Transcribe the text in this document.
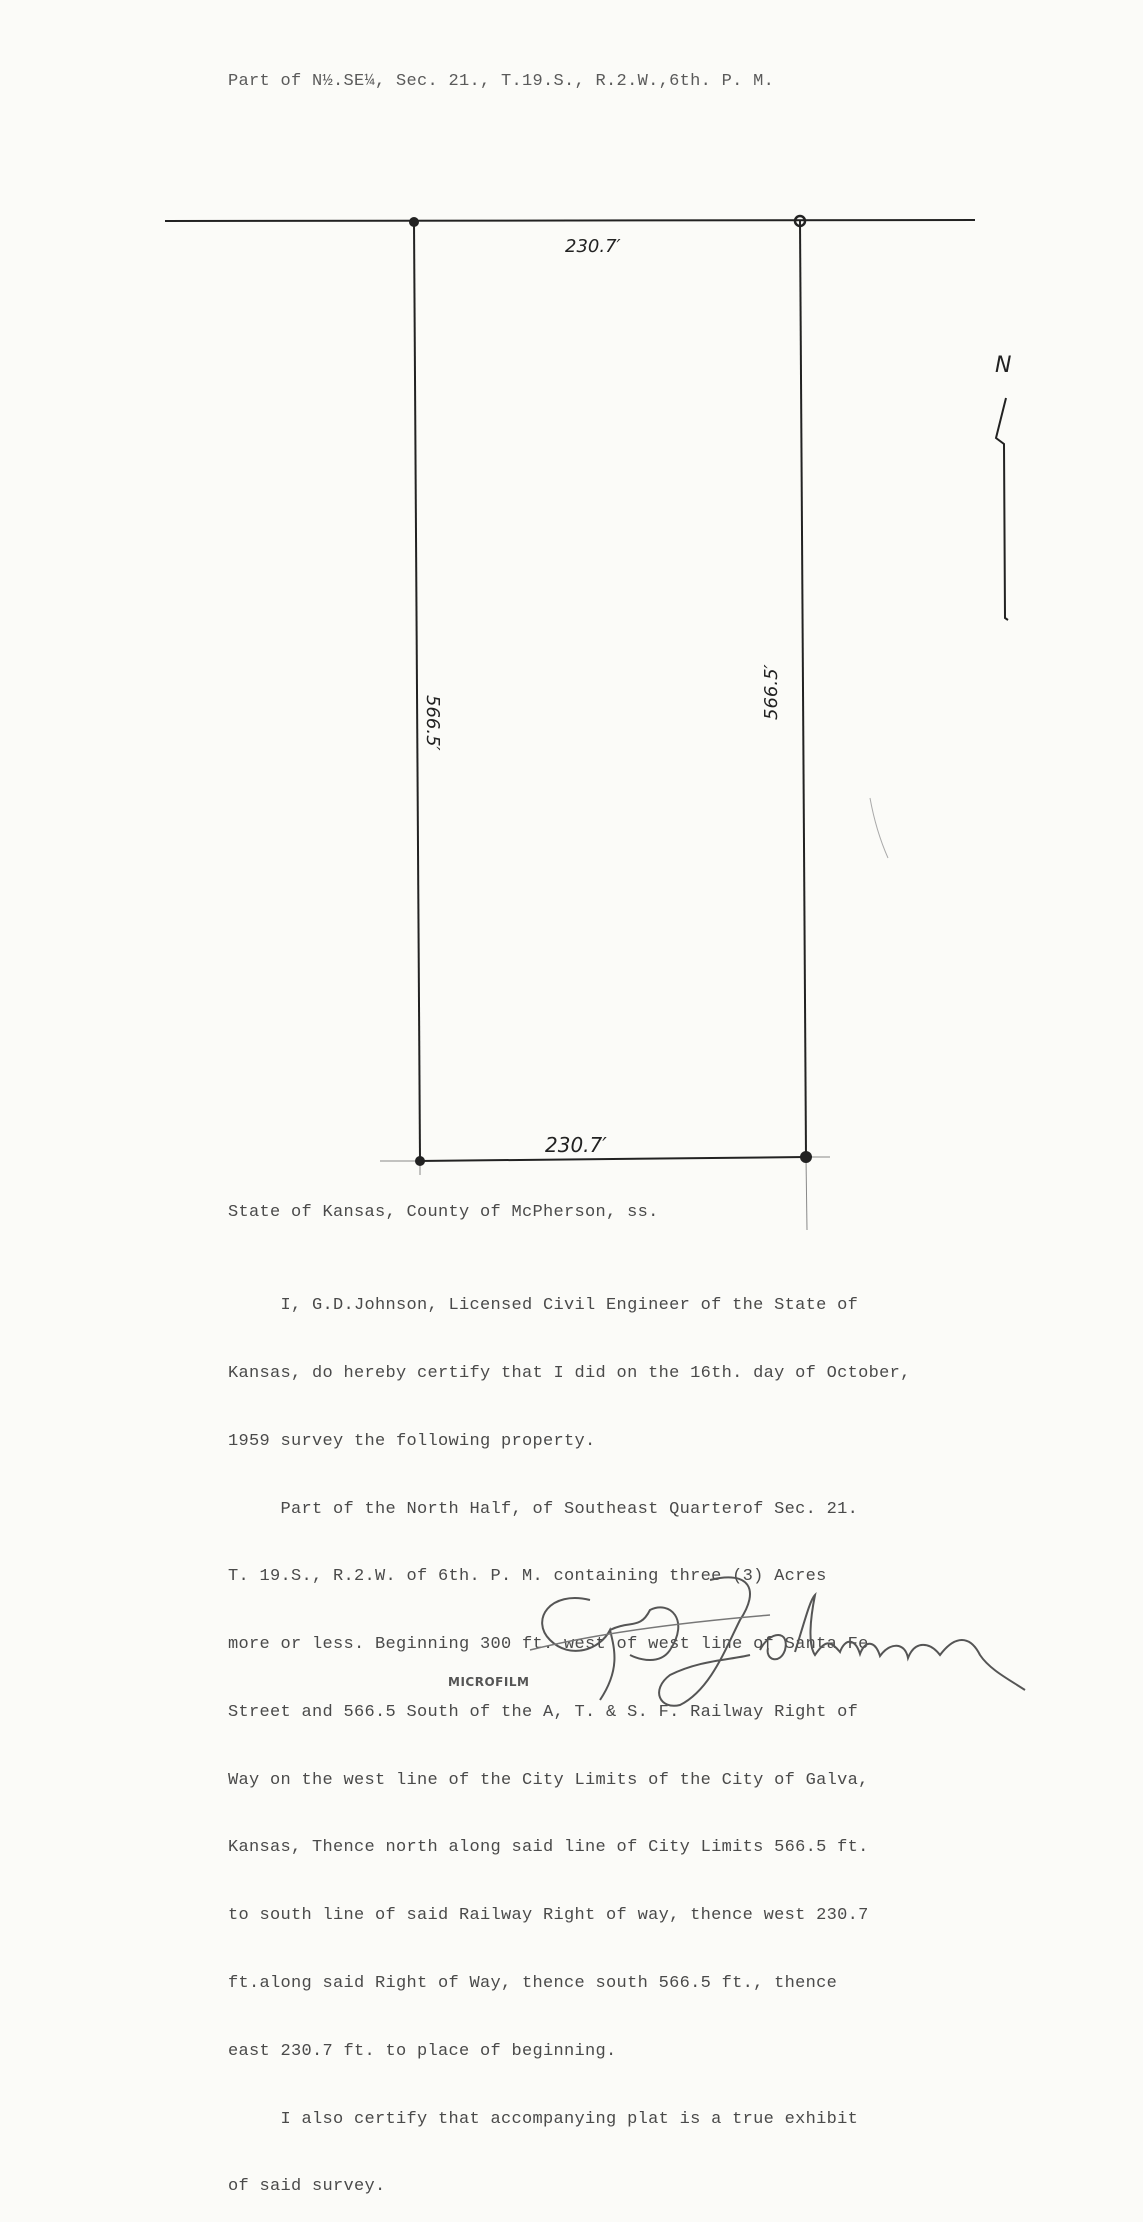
Part of N½.SE¼, Sec. 21., T.19.S., R.2.W.,6th. P. M.
230.7′
230.7′
566.5′
566.5′
N
State of Kansas, County of McPherson, ss.

I, G.D.Johnson, Licensed Civil Engineer of the State of

Kansas, do hereby certify that I did on the 16th. day of October,

1959 survey the following property.

Part of the North Half, of Southeast Quarterof Sec. 21.

T. 19.S., R.2.W. of 6th. P. M. containing three (3) Acres

more or less. Beginning 300 ft. west of west line of Santa Fe

Street and 566.5 South of the A, T. & S. F. Railway Right of

Way on the west line of the City Limits of the City of Galva,

Kansas, Thence north along said line of City Limits 566.5 ft.

to south line of said Railway Right of way, thence west 230.7

ft.along said Right of Way, thence south 566.5 ft., thence

east 230.7 ft. to place of beginning.

I also certify that accompanying plat is a true exhibit

of said survey.

MICROFILM
